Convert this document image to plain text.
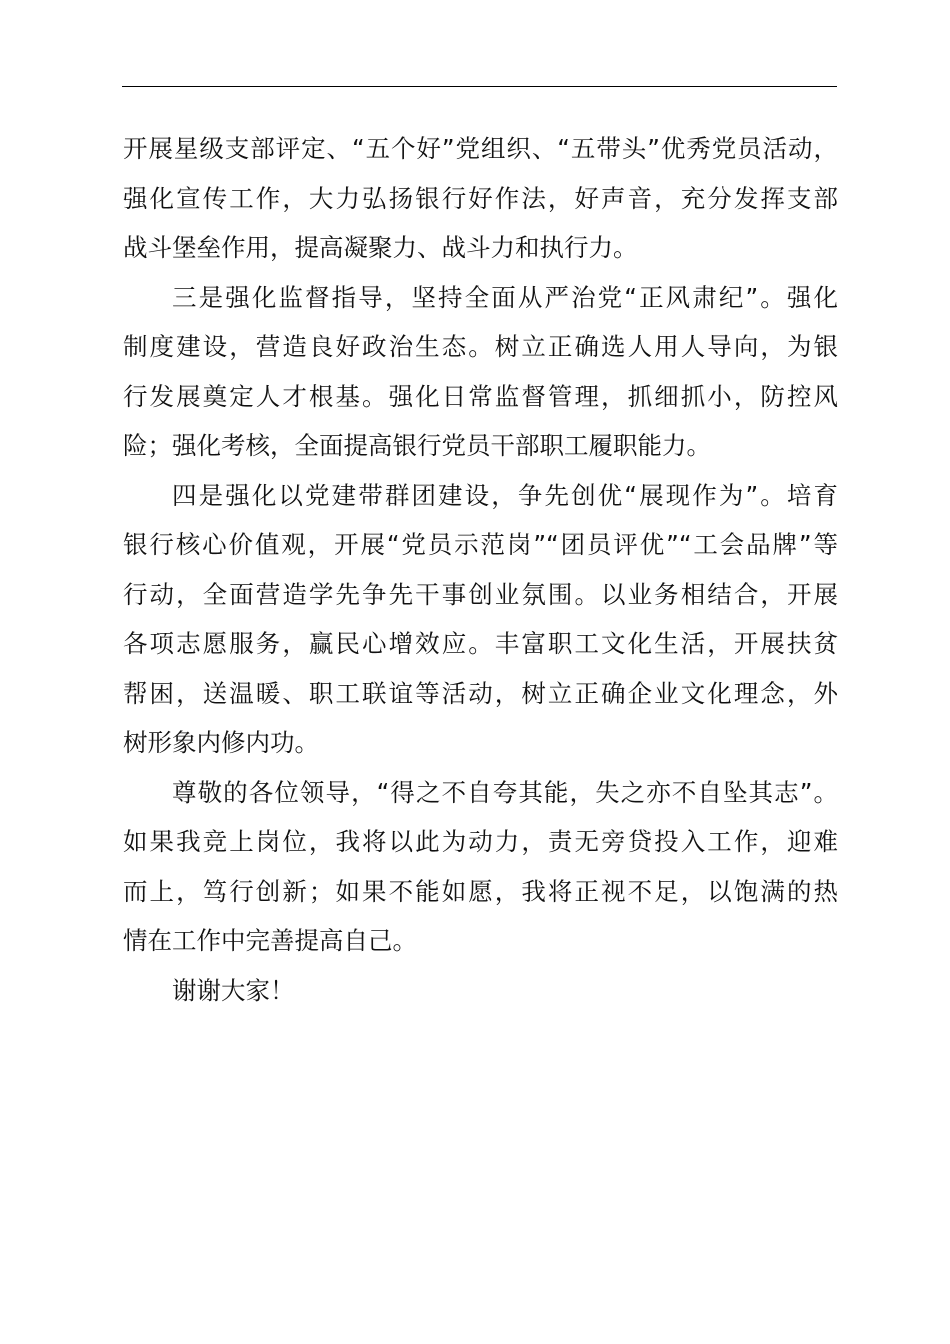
开展星级支部评定、“五个好”党组织、“五带头”优秀党员活动，
强化宣传工作，大力弘扬银行好作法，好声音，充分发挥支部
战斗堡垒作用，提高凝聚力、战斗力和执行力。
三是强化监督指导，坚持全面从严治党“正风肃纪”。强化
制度建设，营造良好政治生态。树立正确选人用人导向，为银
行发展奠定人才根基。强化日常监督管理，抓细抓小，防控风
险；强化考核，全面提高银行党员干部职工履职能力。
四是强化以党建带群团建设，争先创优“展现作为”。培育
银行核心价值观，开展“党员示范岗”“团员评优”“工会品牌”等
行动，全面营造学先争先干事创业氛围。以业务相结合，开展
各项志愿服务，赢民心增效应。丰富职工文化生活，开展扶贫
帮困，送温暖、职工联谊等活动，树立正确企业文化理念，外
树形象内修内功。
尊敬的各位领导，“得之不自夸其能，失之亦不自坠其志”。
如果我竞上岗位，我将以此为动力，责无旁贷投入工作，迎难
而上，笃行创新；如果不能如愿，我将正视不足，以饱满的热
情在工作中完善提高自己。
谢谢大家！
